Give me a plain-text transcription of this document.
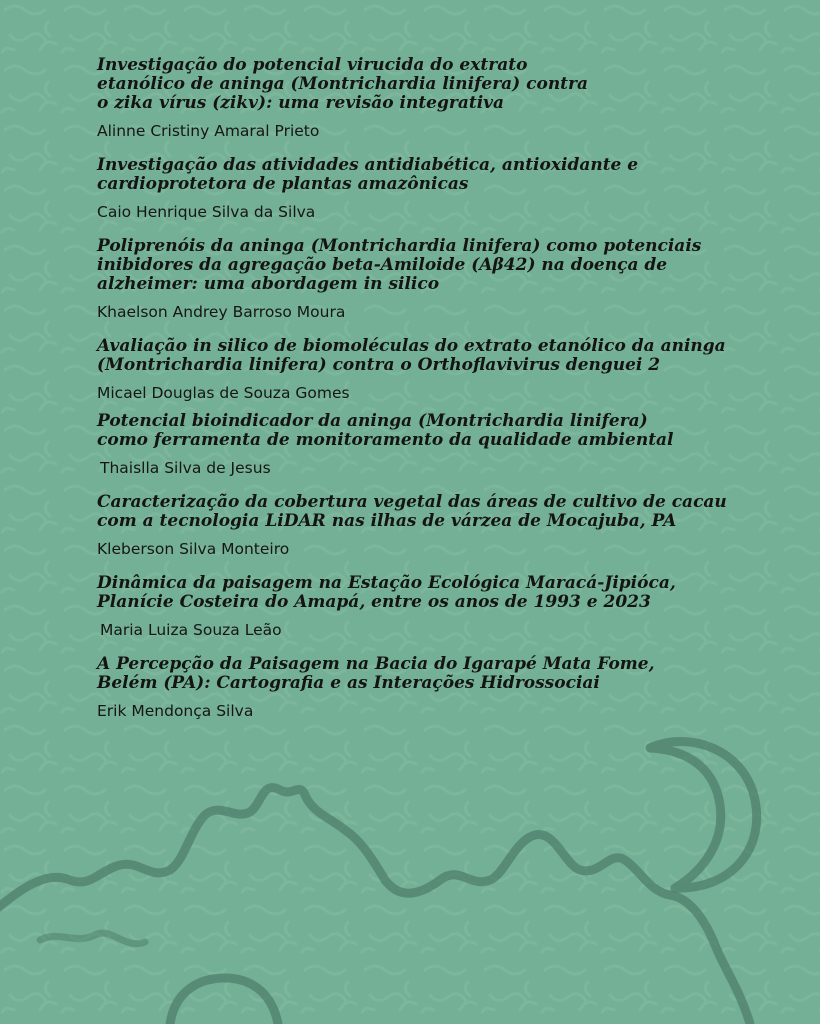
Investigação do potencial virucida do extrato
etanólico de aninga (Montrichardia linifera) contra
o zika vírus (zikv): uma revisão integrativa

Alinne Cristiny Amaral Prieto

Investigação das atividades antidiabética, antioxidante e
cardioprotetora de plantas amazônicas

Caio Henrique Silva da Silva

Poliprenóis da aninga (Montrichardia linifera) como potenciais
inibidores da agregação beta-Amiloide (Aβ42) na doença de
alzheimer: uma abordagem in silico

Khaelson Andrey Barroso Moura

Avaliação in silico de biomoléculas do extrato etanólico da aninga
(Montrichardia linifera) contra o Orthoflavivirus denguei 2

Micael Douglas de Souza Gomes

Potencial bioindicador da aninga (Montrichardia linifera)
como ferramenta de monitoramento da qualidade ambiental

Thaislla Silva de Jesus

Caracterização da cobertura vegetal das áreas de cultivo de cacau
com a tecnologia LiDAR nas ilhas de várzea de Mocajuba, PA

Kleberson Silva Monteiro

Dinâmica da paisagem na Estação Ecológica Maracá-Jipióca,
Planície Costeira do Amapá, entre os anos de 1993 e 2023

Maria Luiza Souza Leão

A Percepção da Paisagem na Bacia do Igarapé Mata Fome,
Belém (PA): Cartografia e as Interações Hidrossociai

Erik Mendonça Silva
